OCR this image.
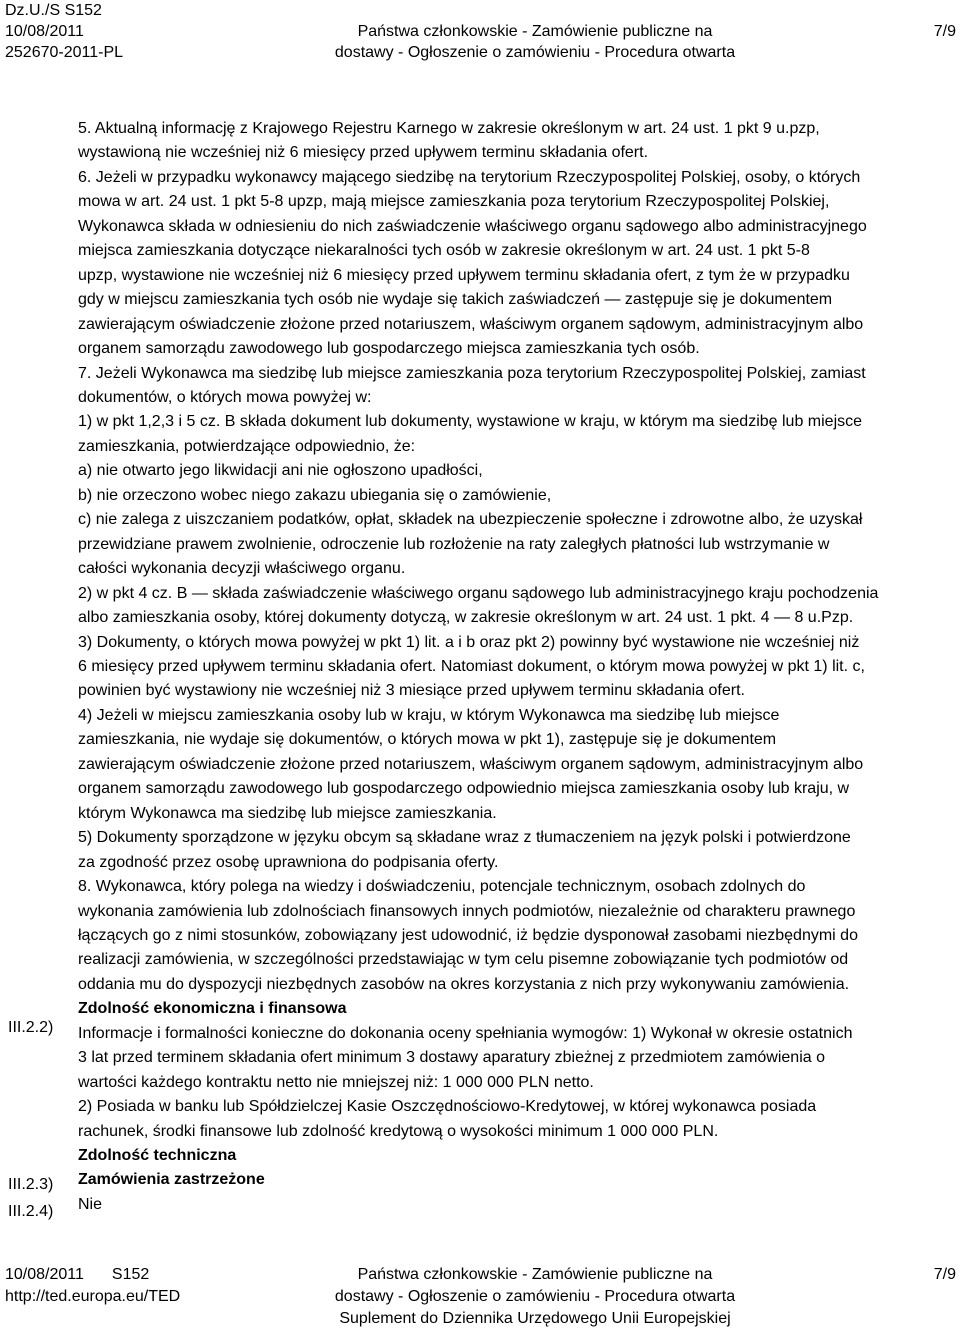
Dz.U./S S152
10/08/2011
252670-2011-PL
Państwa członkowskie - Zamówienie publiczne na
dostawy - Ogłoszenie o zamówieniu - Procedura otwarta
7/9
III.2.2)
III.2.3)
III.2.4)

5. Aktualną informację z Krajowego Rejestru Karnego w zakresie określonym w art. 24 ust. 1 pkt 9 u.pzp,

wystawioną nie wcześniej niż 6 miesięcy przed upływem terminu składania ofert.

6. Jeżeli w przypadku wykonawcy mającego siedzibę na terytorium Rzeczypospolitej Polskiej, osoby, o których

mowa w art. 24 ust. 1 pkt 5-8 upzp, mają miejsce zamieszkania poza terytorium Rzeczypospolitej Polskiej,

Wykonawca składa w odniesieniu do nich zaświadczenie właściwego organu sądowego albo administracyjnego

miejsca zamieszkania dotyczące niekaralności tych osób w zakresie określonym w art. 24 ust. 1 pkt 5-8

upzp, wystawione nie wcześniej niż 6 miesięcy przed upływem terminu składania ofert, z tym że w przypadku

gdy w miejscu zamieszkania tych osób nie wydaje się takich zaświadczeń — zastępuje się je dokumentem

zawierającym oświadczenie złożone przed notariuszem, właściwym organem sądowym, administracyjnym albo

organem samorządu zawodowego lub gospodarczego miejsca zamieszkania tych osób.

7. Jeżeli Wykonawca ma siedzibę lub miejsce zamieszkania poza terytorium Rzeczypospolitej Polskiej, zamiast

dokumentów, o których mowa powyżej w:

1) w pkt 1,2,3 i 5 cz. B składa dokument lub dokumenty, wystawione w kraju, w którym ma siedzibę lub miejsce

zamieszkania, potwierdzające odpowiednio, że:

a) nie otwarto jego likwidacji ani nie ogłoszono upadłości,

b) nie orzeczono wobec niego zakazu ubiegania się o zamówienie,

c) nie zalega z uiszczaniem podatków, opłat, składek na ubezpieczenie społeczne i zdrowotne albo, że uzyskał

przewidziane prawem zwolnienie, odroczenie lub rozłożenie na raty zaległych płatności lub wstrzymanie w

całości wykonania decyzji właściwego organu.

2) w pkt 4 cz. B — składa zaświadczenie właściwego organu sądowego lub administracyjnego kraju pochodzenia

albo zamieszkania osoby, której dokumenty dotyczą, w zakresie określonym w art. 24 ust. 1 pkt. 4 — 8 u.Pzp.

3) Dokumenty, o których mowa powyżej w pkt 1) lit. a i b oraz pkt 2) powinny być wystawione nie wcześniej niż

6 miesięcy przed upływem terminu składania ofert. Natomiast dokument, o którym mowa powyżej w pkt 1) lit. c,

powinien być wystawiony nie wcześniej niż 3 miesiące przed upływem terminu składania ofert.

4) Jeżeli w miejscu zamieszkania osoby lub w kraju, w którym Wykonawca ma siedzibę lub miejsce

zamieszkania, nie wydaje się dokumentów, o których mowa w pkt 1), zastępuje się je dokumentem

zawierającym oświadczenie złożone przed notariuszem, właściwym organem sądowym, administracyjnym albo

organem samorządu zawodowego lub gospodarczego odpowiednio miejsca zamieszkania osoby lub kraju, w

którym Wykonawca ma siedzibę lub miejsce zamieszkania.

5) Dokumenty sporządzone w języku obcym są składane wraz z tłumaczeniem na język polski i potwierdzone

za zgodność przez osobę uprawniona do podpisania oferty.

8. Wykonawca, który polega na wiedzy i doświadczeniu, potencjale technicznym, osobach zdolnych do

wykonania zamówienia lub zdolnościach finansowych innych podmiotów, niezależnie od charakteru prawnego

łączących go z nimi stosunków, zobowiązany jest udowodnić, iż będzie dysponował zasobami niezbędnymi do

realizacji zamówienia, w szczególności przedstawiając w tym celu pisemne zobowiązanie tych podmiotów od

oddania mu do dyspozycji niezbędnych zasobów na okres korzystania z nich przy wykonywaniu zamówienia.

Zdolność ekonomiczna i finansowa

Informacje i formalności konieczne do dokonania oceny spełniania wymogów: 1) Wykonał w okresie ostatnich

3 lat przed terminem składania ofert minimum 3 dostawy aparatury zbieżnej z przedmiotem zamówienia o

wartości każdego kontraktu netto nie mniejszej niż: 1 000 000 PLN netto.

2) Posiada w banku lub Spółdzielczej Kasie Oszczędnościowo-Kredytowej, w której wykonawca posiada

rachunek, środki finansowe lub zdolność kredytową o wysokości minimum 1 000 000 PLN.

Zdolność techniczna

Zamówienia zastrzeżone

Nie

10/08/2011 S152
http://ted.europa.eu/TED
Państwa członkowskie - Zamówienie publiczne na
dostawy - Ogłoszenie o zamówieniu - Procedura otwarta
Suplement do Dziennika Urzędowego Unii Europejskiej
7/9
